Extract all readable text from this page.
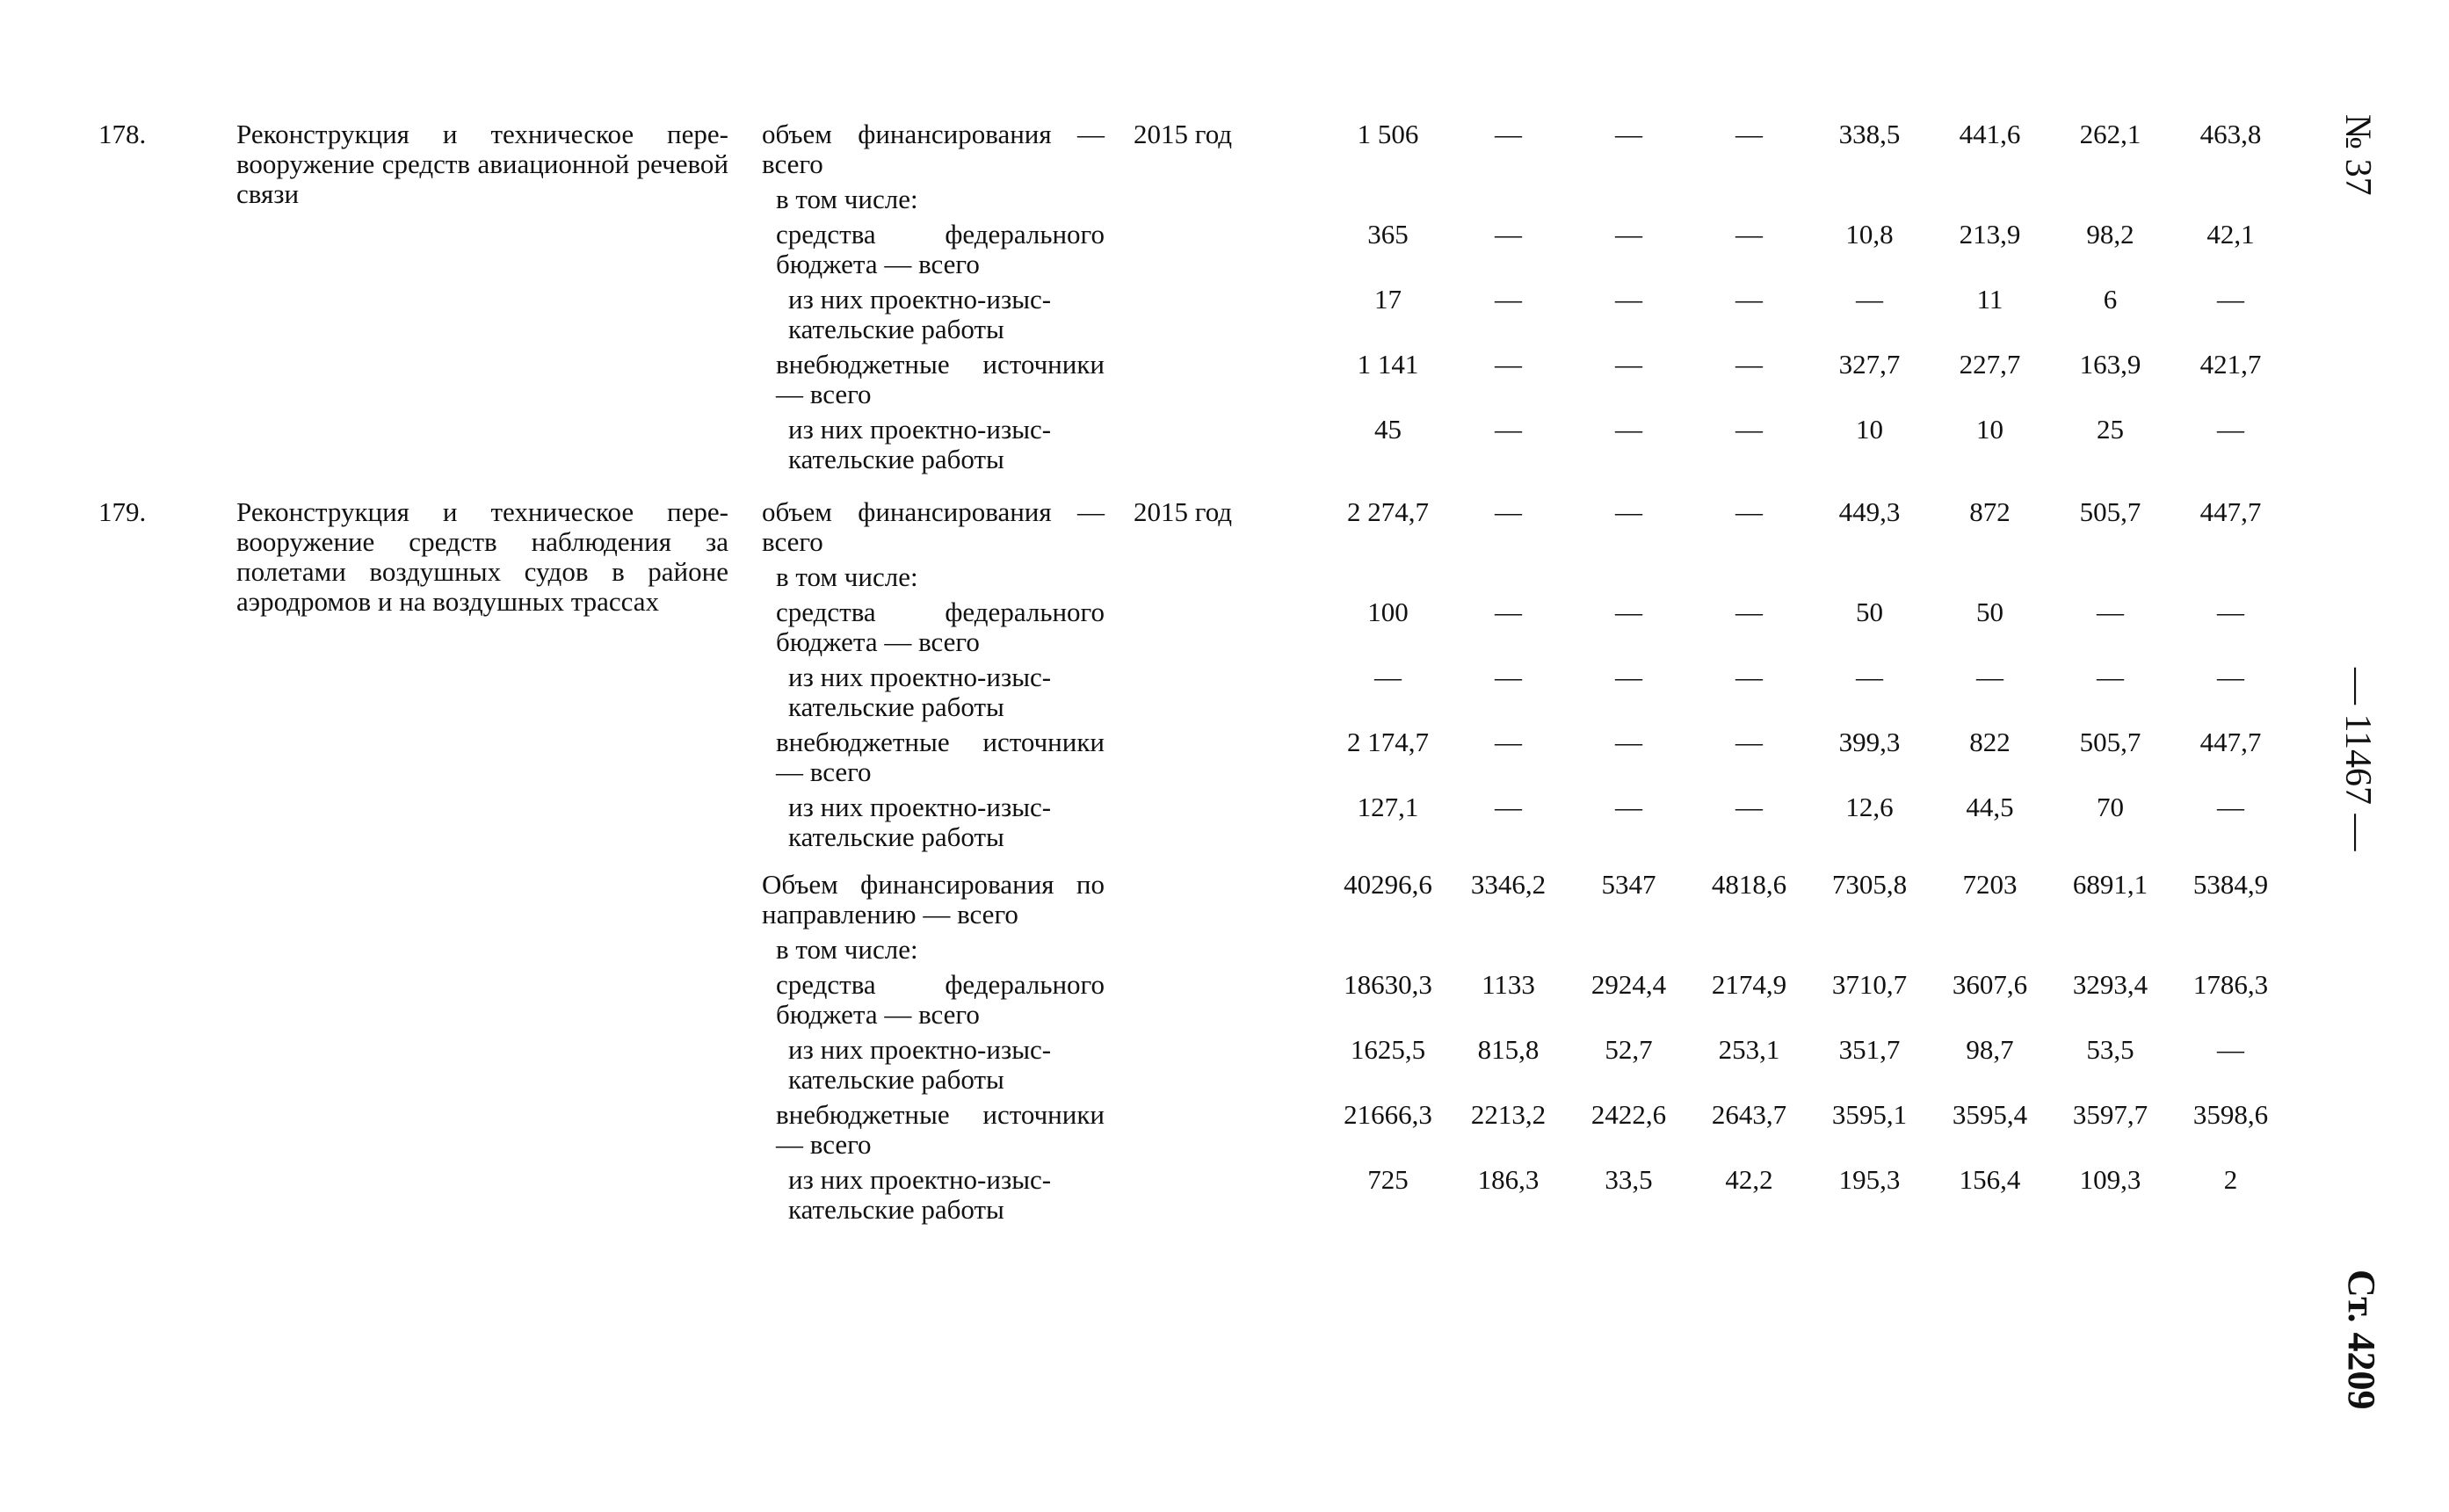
178.	Реконструкция и техническое перевооружение средств авиационной речевой связи	объем финансирования — всего	2015 год	1 506	—	—	—	338,5	441,6	262,1	463,8

		в том числе:									

		средства федерального бюджета — всего		365	—	—	—	10,8	213,9	98,2	42,1

		из них проектно-изыскательские работы		17	—	—	—	—	11	6	—

		внебюджетные источники — всего		1 141	—	—	—	327,7	227,7	163,9	421,7

		из них проектно-изыскательские работы		45	—	—	—	10	10	25	—
179.	Реконструкция и техническое перевооружение средств наблюдения за полетами воздушных судов в районе аэродромов и на воздушных трассах	объем финансирования — всего	2015 год	2 274,7	—	—	—	449,3	872	505,7	447,7

		в том числе:									

		средства федерального бюджета — всего		100	—	—	—	50	50	—	—

		из них проектно-изыскательские работы		—	—	—	—	—	—	—	—

		внебюджетные источники — всего		2 174,7	—	—	—	399,3	822	505,7	447,7

		из них проектно-изыскательские работы		127,1	—	—	—	12,6	44,5	70	—

		Объем финансирования по направлению — всего		40296,6	3346,2	5347	4818,6	7305,8	7203	6891,1	5384,9

		в том числе:									

		средства федерального бюджета — всего		18630,3	1133	2924,4	2174,9	3710,7	3607,6	3293,4	1786,3

		из них проектно-изыскательские работы		1625,5	815,8	52,7	253,1	351,7	98,7	53,5	—

		внебюджетные источники — всего		21666,3	2213,2	2422,6	2643,7	3595,1	3595,4	3597,7	3598,6

		из них проектно-изыскательские работы		725	186,3	33,5	42,2	195,3	156,4	109,3	2
№ 37
— 11467 —
Ст. 4209
